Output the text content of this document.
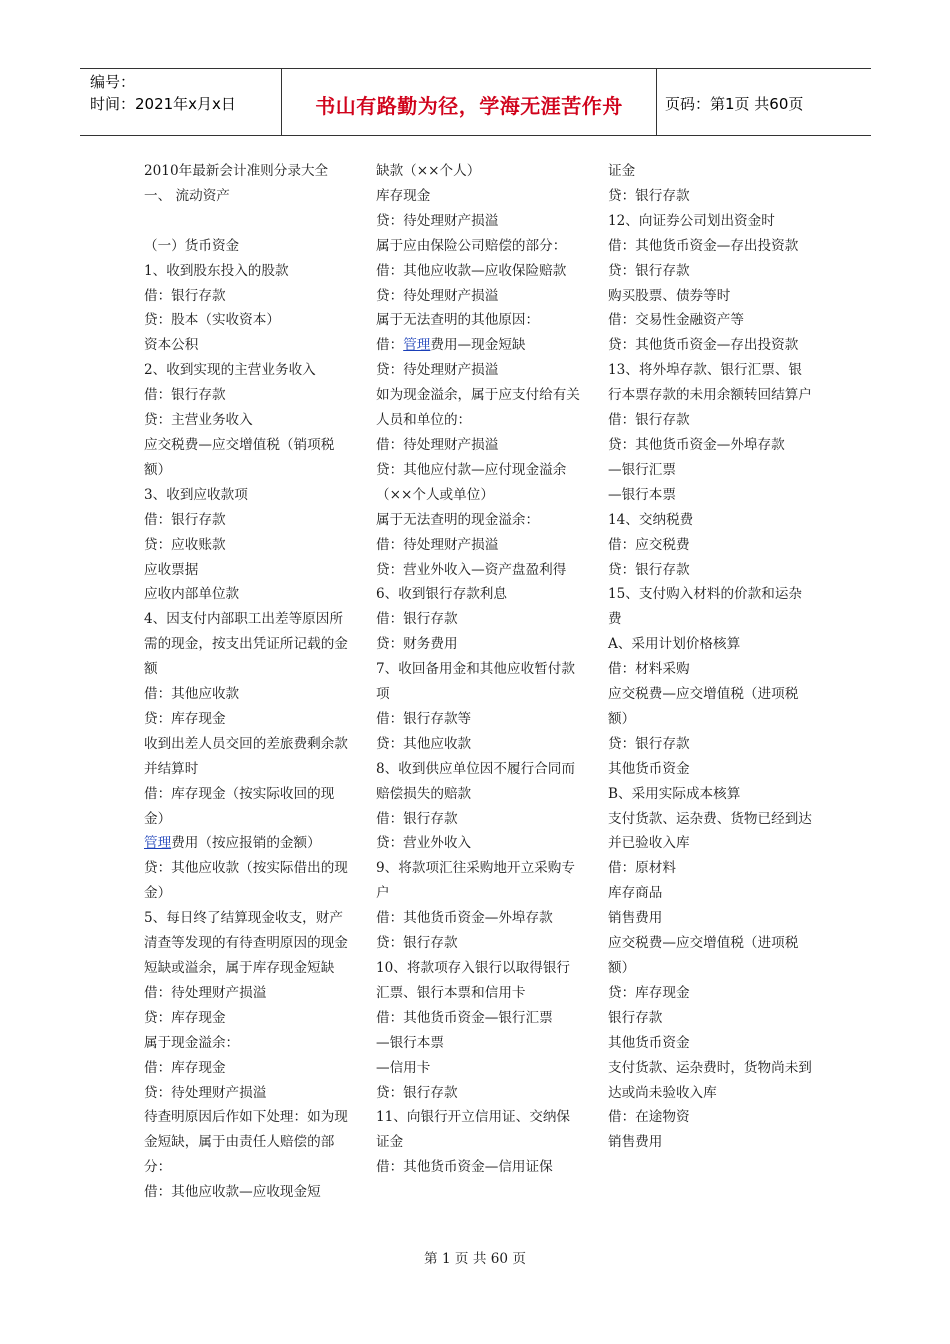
编号：
时间：2021年x月x日	书山有路勤为径，学海无涯苦作舟	页码：第1页 共60页
2010年最新会计准则分录大全
一、 流动资产

（一）货币资金
1、收到股东投入的股款
借：银行存款
贷：股本（实收资本）
资本公积
2、收到实现的主营业务收入
借：银行存款
贷：主营业务收入
应交税费—应交增值税（销项税额）
3、收到应收款项
借：银行存款
贷：应收账款
应收票据
应收内部单位款
4、因支付内部职工出差等原因所需的现金，按支出凭证所记载的金额
借：其他应收款
贷：库存现金
收到出差人员交回的差旅费剩余款并结算时
借：库存现金（按实际收回的现金）
管理费用（按应报销的金额）
贷：其他应收款（按实际借出的现金）
5、每日终了结算现金收支，财产清查等发现的有待查明原因的现金短缺或溢余，属于库存现金短缺
借：待处理财产损溢
贷：库存现金
属于现金溢余：
借：库存现金
贷：待处理财产损溢
待查明原因后作如下处理：如为现金短缺，属于由责任人赔偿的部分：
借：其他应收款—应收现金短
缺款（××个人）
库存现金
贷：待处理财产损溢
属于应由保险公司赔偿的部分：
借：其他应收款—应收保险赔款
贷：待处理财产损溢
属于无法查明的其他原因：
借：管理费用—现金短缺
贷：待处理财产损溢
如为现金溢余，属于应支付给有关人员和单位的：
借：待处理财产损溢
贷：其他应付款—应付现金溢余（××个人或单位）
属于无法查明的现金溢余：
借：待处理财产损溢
贷：营业外收入—资产盘盈利得
6、收到银行存款利息
借：银行存款
贷：财务费用
7、收回备用金和其他应收暂付款项
借：银行存款等
贷：其他应收款
8、收到供应单位因不履行合同而赔偿损失的赔款
借：银行存款
贷：营业外收入
9、将款项汇往采购地开立采购专户
借：其他货币资金—外埠存款
贷：银行存款
10、将款项存入银行以取得银行汇票、银行本票和信用卡
借：其他货币资金—银行汇票
—银行本票
—信用卡
贷：银行存款
11、向银行开立信用证、交纳保证金
借：其他货币资金—信用证保
证金
贷：银行存款
12、向证券公司划出资金时
借：其他货币资金—存出投资款
贷：银行存款
购买股票、债券等时
借：交易性金融资产等
贷：其他货币资金—存出投资款
13、将外埠存款、银行汇票、银行本票存款的未用余额转回结算户
借：银行存款
贷：其他货币资金—外埠存款
—银行汇票
—银行本票
14、交纳税费
借：应交税费
贷：银行存款
15、支付购入材料的价款和运杂费
A、采用计划价格核算
借：材料采购
应交税费—应交增值税（进项税额）
贷：银行存款
其他货币资金
B、采用实际成本核算
支付货款、运杂费、货物已经到达并已验收入库
借：原材料
库存商品
销售费用
应交税费—应交增值税（进项税额）
贷：库存现金
银行存款
其他货币资金
支付货款、运杂费时，货物尚未到达或尚未验收入库
借：在途物资
销售费用
第 1 页 共 60 页
